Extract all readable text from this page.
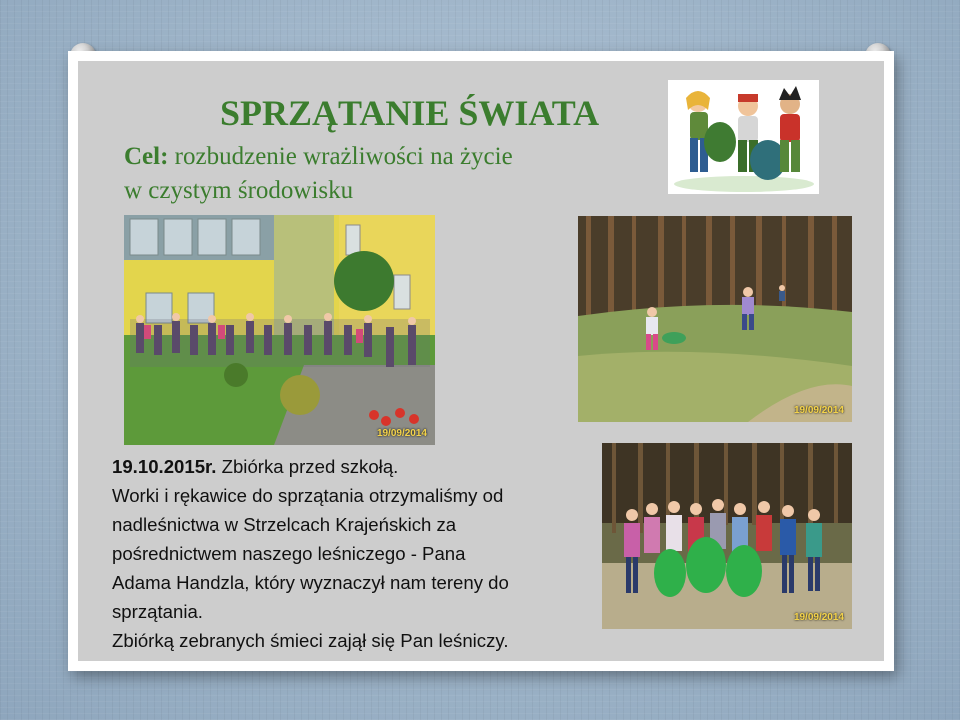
SPRZĄTANIE ŚWIATA
Cel: rozbudzenie wrażliwości na życie
w czystym środowisku
19/09/2014
19/09/2014
19/09/2014

19.10.2015r. Zbiórka przed szkołą.

Worki i rękawice do sprzątania otrzymaliśmy od

nadleśnictwa w Strzelcach Krajeńskich za

pośrednictwem naszego leśniczego - Pana

Adama Handzla, który wyznaczył nam tereny do

sprzątania.

Zbiórką zebranych śmieci zajął się Pan leśniczy.
